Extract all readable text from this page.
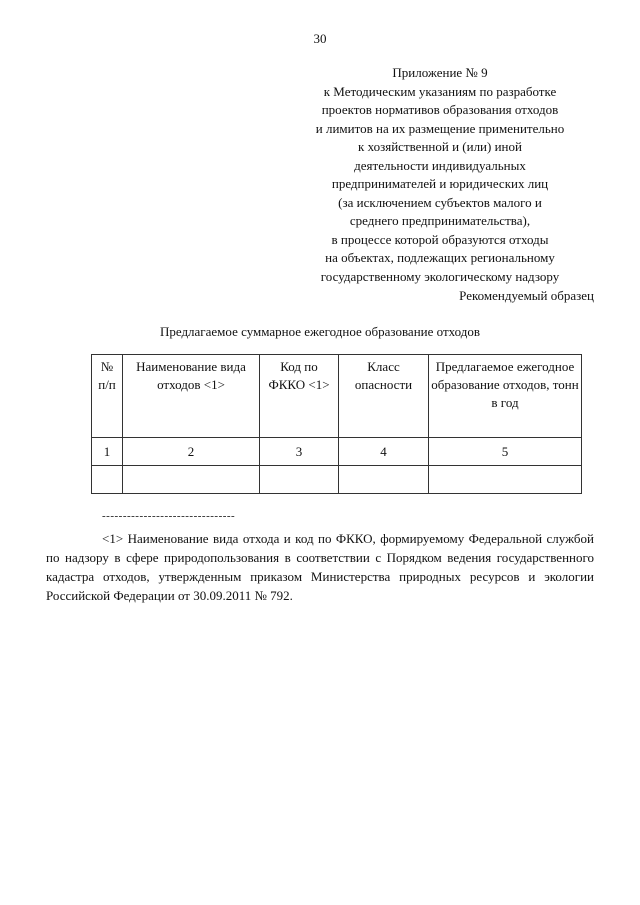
30
Приложение № 9
к Методическим указаниям по разработке
проектов нормативов образования отходов
и лимитов на их размещение применительно
к хозяйственной и (или) иной
деятельности индивидуальных
предпринимателей и юридических лиц
(за исключением субъектов малого и
среднего предпринимательства),
в процессе которой образуются отходы
на объектах, подлежащих региональному
государственному экологическому надзору
Рекомендуемый образец
Предлагаемое суммарное ежегодное образование отходов
№ п/п	Наименование вида отходов <1>	Код по ФККО <1>	Класс опасности	Предлагаемое ежегодное образование отходов, тонн в год
1	2	3	4	5

--------------------------------
<1> Наименование вида отхода и код по ФККО, формируемому Федеральной службой по надзору в сфере природопользования в соответствии с Порядком ведения государственного кадастра отходов, утвержденным приказом Министерства природных ресурсов и экологии Российской Федерации от 30.09.2011 № 792.
